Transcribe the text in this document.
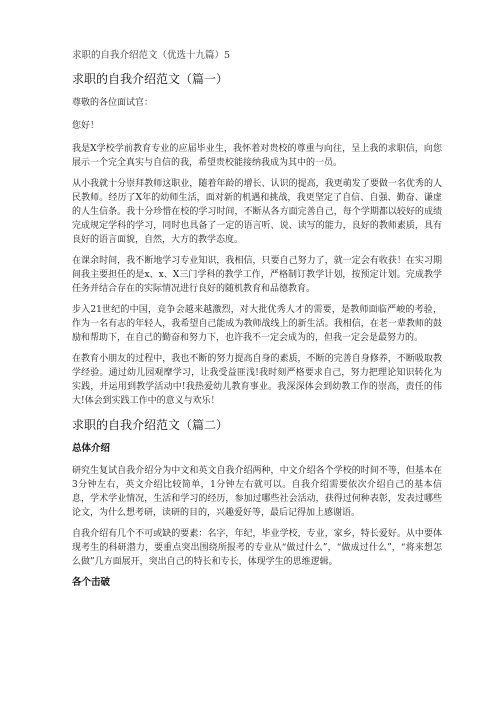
求职的自我介绍范文（优选十九篇）5
求职的自我介绍范文（篇一）

尊敬的各位面试官：

您好！

我是X学校学前教育专业的应届毕业生，我怀着对贵校的尊重与向往，呈上我的求职信，向您展示一个完全真实与自信的我，希望贵校能接纳我成为其中的一员。

从小我就十分崇拜教师这职业，随着年龄的增长、认识的提高，我更萌发了要做一名优秀的人民教师。经历了X年的幼师生活，面对新的机遇和挑战，我更坚定了自信、自强、勤奋、谦虚的人生信条。我十分珍惜在校的学习时间，不断从各方面完善自己，每个学期都以较好的成绩完成规定学科的学习，同时也具备了一定的语言听、说、读写的能力，良好的教师素质，具有良好的语言面貌，自然，大方的教学态度。

在课余时间，我不断地学习专业知识，我相信，只要自己努力了，就一定会有收获！在实习期间我主要担任的是x、x、X三门学科的教学工作，严格制订教学计划，按预定计划。完成教学任务并结合存在的实际情况进行良好的随机教育和品德教育。

步入21世纪的中国，竞争会越来越激烈，对大批优秀人才的需要，是教师面临严峻的考验，作为一名有志的年轻人，我希望自己能成为教师战线上的新生活。我相信，在老一辈教师的鼓励和帮助下，在自己的勤奋和努力下，也许我不一定会成为的，但我一定会是最努力的。

在教育小朋友的过程中，我也不断的努力提高自身的素质，不断的完善自身修养，不断吸取教学经验。通过幼儿园观摩学习，让我受益匪浅!我时刻严格要求自己，努力把理论知识转化为实践，并运用到教学活动中!我热爱幼儿教育事业。我深深体会到幼教工作的崇高，责任的伟大!体会到实践工作中的意义与欢乐！

求职的自我介绍范文（篇二）
总体介绍

研究生复试自我介绍分为中文和英文自我介绍两种，中文介绍各个学校的时间不等，但基本在3分钟左右，英文介绍比较简单，1分钟左右就可以。自我介绍需要依次介绍自己的基本信息，学术学业情况，生活和学习的经历，参加过哪些社会活动，获得过何种表彰，发表过哪些论文，为什么想考研，读研的目的，兴趣爱好等，最后记得加上感谢语。

自我介绍有几个不可或缺的要素：名字，年纪，毕业学校，专业，家乡，特长爱好。从中要体现考生的科研潜力，要重点突出围绕所报考的专业从“做过什么”，“做成过什么”，“将来想怎么做”几方面展开，突出自己的特长和专长，体现学生的思维逻辑。

各个击破
